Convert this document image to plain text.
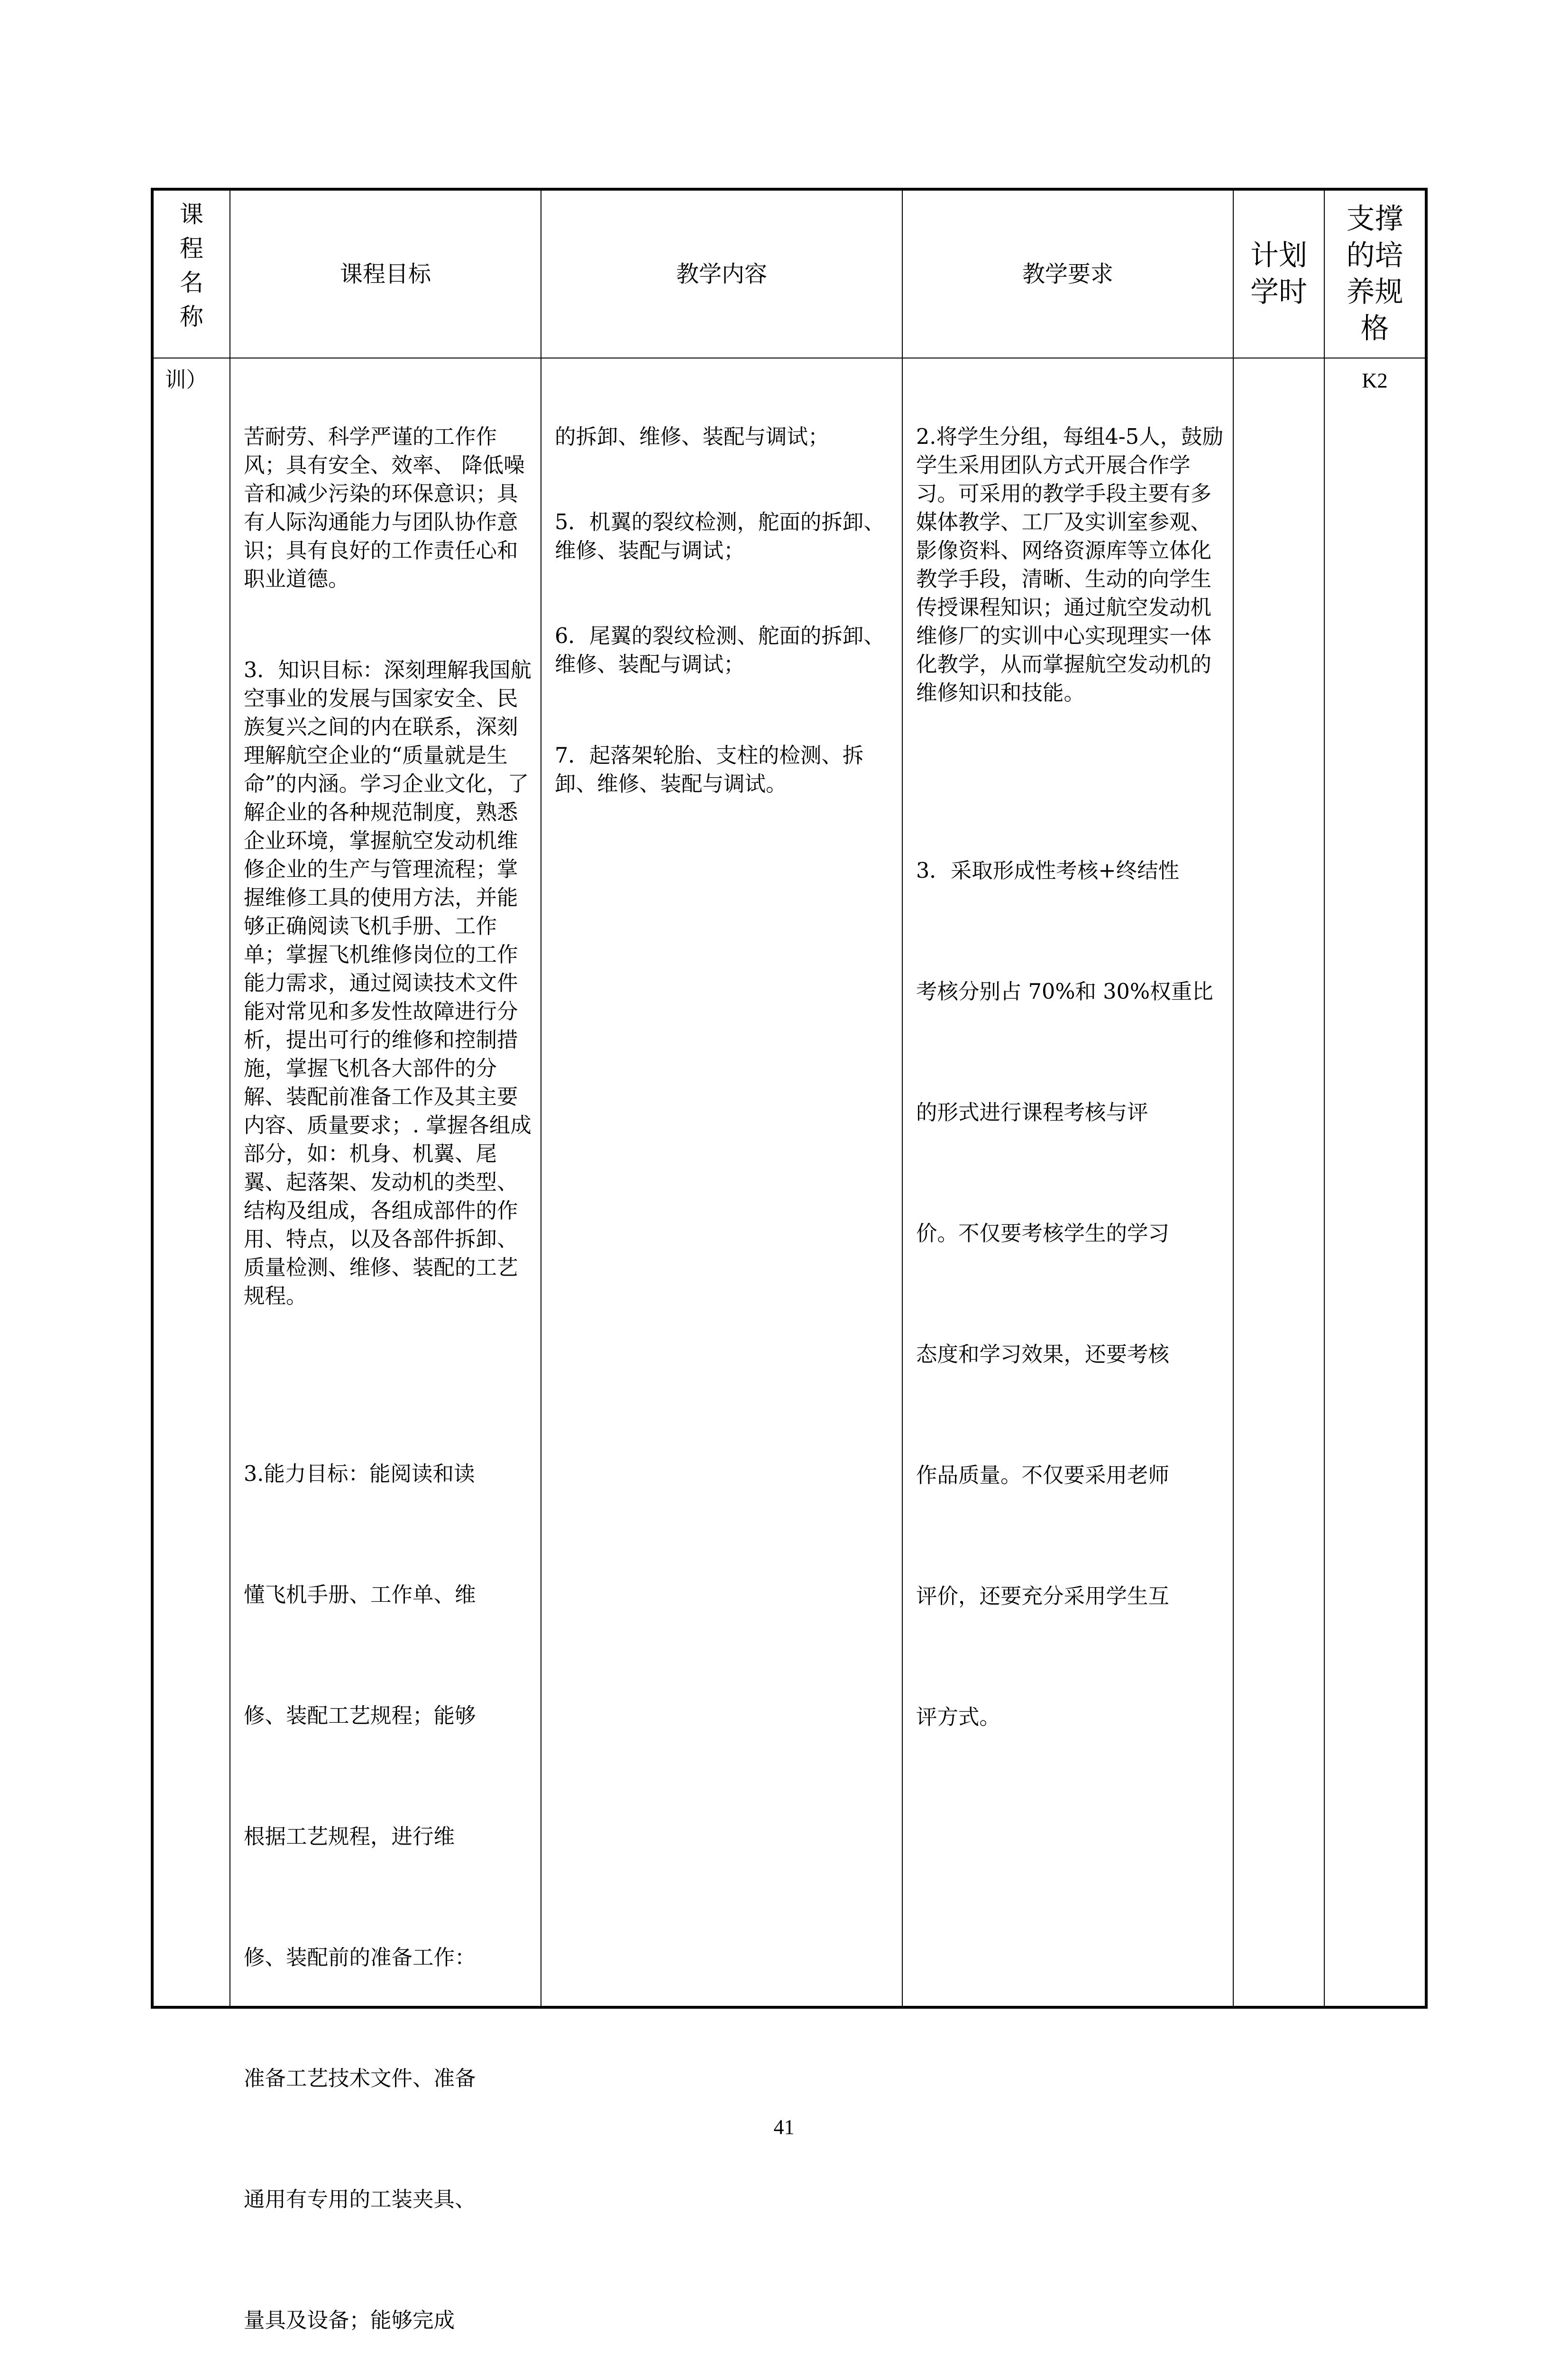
课
程
名
称
课程目标	教学内容	教学要求
计划
学时
支撑
的培
养规
格
训）

苦耐劳、科学严谨的工作作风；具有安全、效率、 降低噪音和减少污染的环保意识；具有人际沟通能力与团队协作意识；具有良好的工作责任心和职业道德。

3．知识目标：深刻理解我国航空事业的发展与国家安全、民族复兴之间的内在联系，深刻理解航空企业的“质量就是生命”的内涵。学习企业文化，了解企业的各种规范制度，熟悉企业环境，掌握航空发动机维修企业的生产与管理流程；掌握维修工具的使用方法，并能够正确阅读飞机手册、工作单；掌握飞机维修岗位的工作能力需求，通过阅读技术文件能对常见和多发性故障进行分析，提出可行的维修和控制措施，掌握飞机各大部件的分解、装配前准备工作及其主要内容、质量要求；. 掌握各组成部分，如：机身、机翼、尾翼、起落架、发动机的类型、结构及组成，各组成部件的作用、特点，以及各部件拆卸、质量检测、维修、装配的工艺规程。

3.能力目标：能阅读和读

懂飞机手册、工作单、维

修、装配工艺规程；能够

根据工艺规程，进行维

修、装配前的准备工作：

准备工艺技术文件、准备

通用有专用的工装夹具、

量具及设备；能够完成

的拆卸、维修、装配与调试；

5．机翼的裂纹检测，舵面的拆卸、维修、装配与调试；

6．尾翼的裂纹检测、舵面的拆卸、维修、装配与调试；

7．起落架轮胎、支柱的检测、拆卸、维修、装配与调试。

2.将学生分组，每组4-5人，鼓励学生采用团队方式开展合作学习。可采用的教学手段主要有多媒体教学、工厂及实训室参观、影像资料、网络资源库等立体化教学手段，清晰、生动的向学生传授课程知识；通过航空发动机维修厂的实训中心实现理实一体化教学，从而掌握航空发动机的维修知识和技能。

3．采取形成性考核+终结性

考核分别占 70%和 30%权重比

的形式进行课程考核与评

价。不仅要考核学生的学习

态度和学习效果，还要考核

作品质量。不仅要采用老师

评价，还要充分采用学生互

评方式。

K2
41
